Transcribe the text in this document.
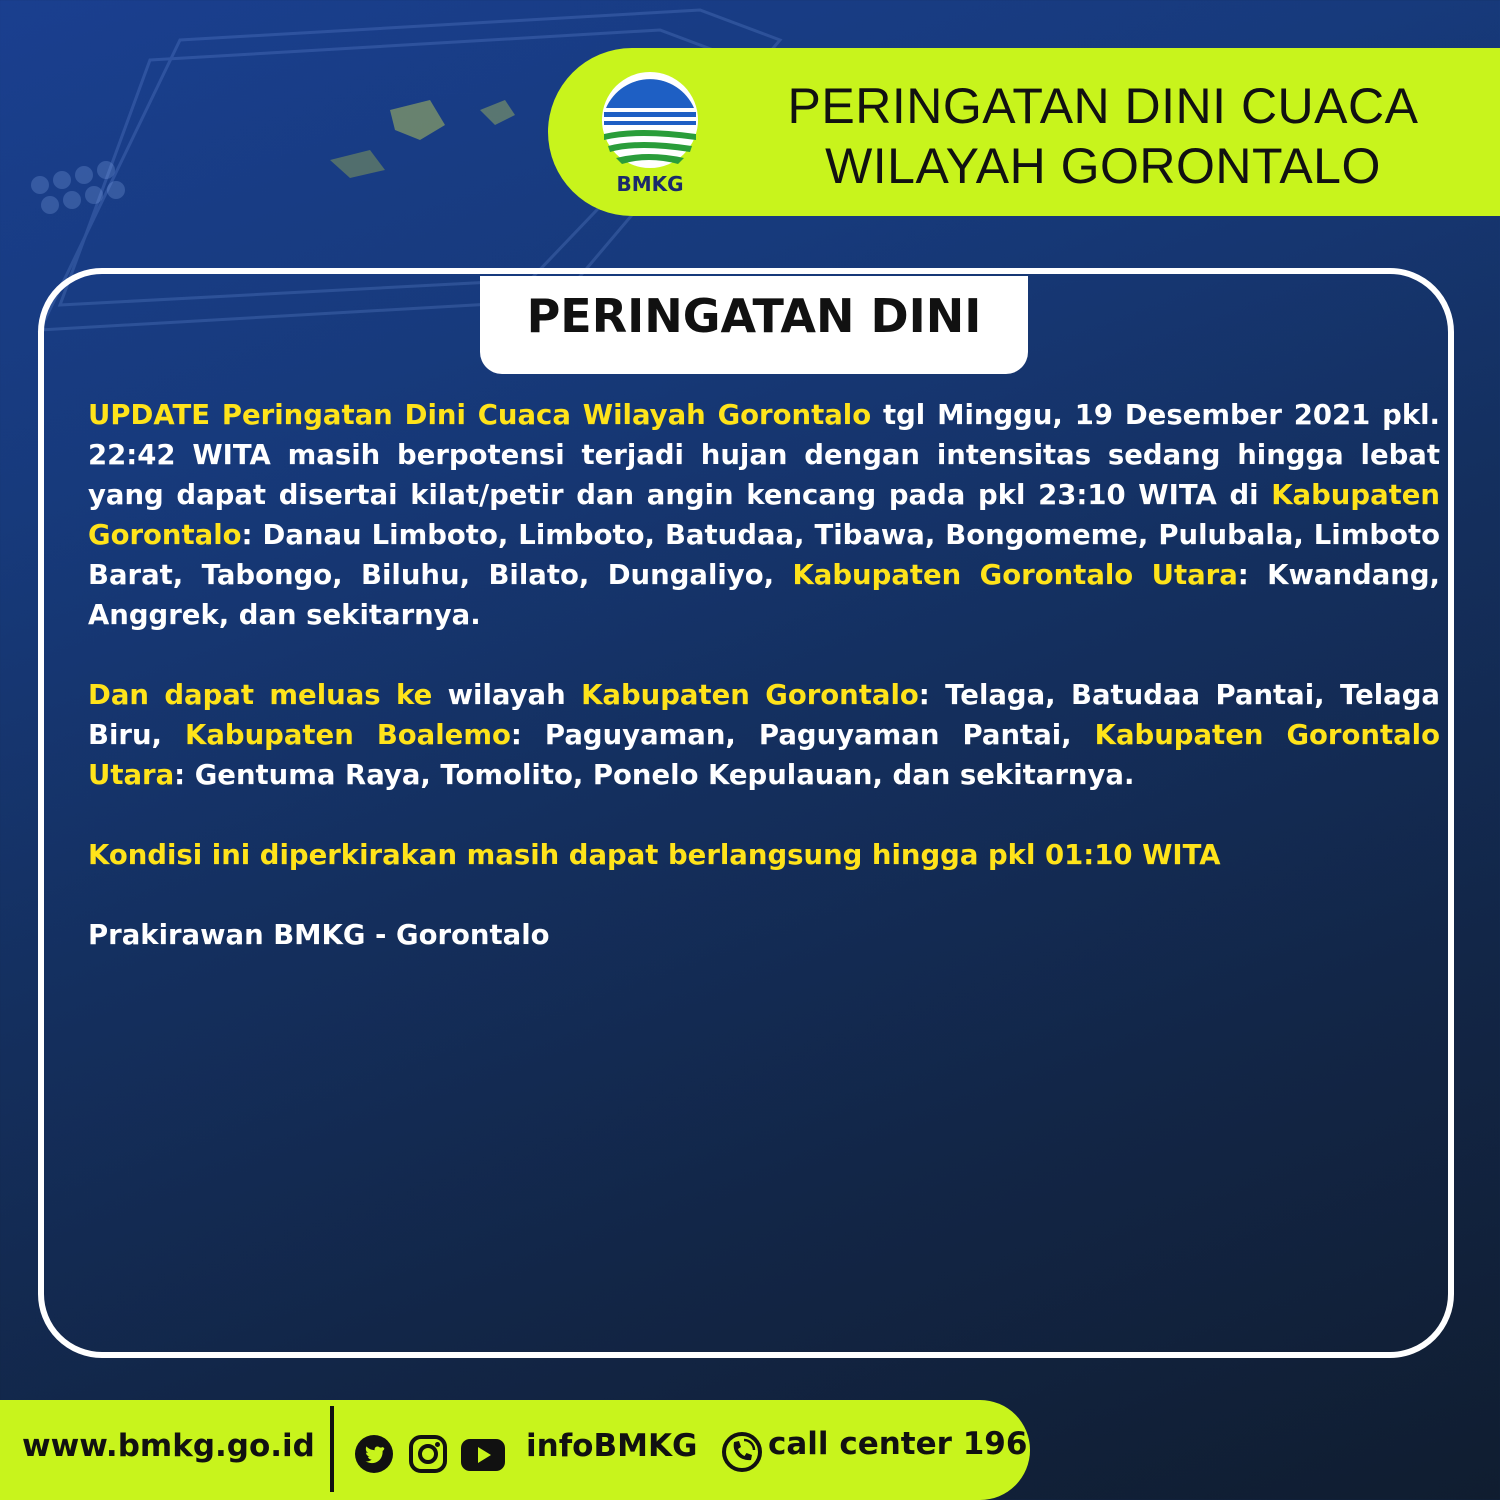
BMKG
PERINGATAN DINI CUACA
WILAYAH GORONTALO
PERINGATAN DINI

UPDATE Peringatan Dini Cuaca Wilayah Gorontalo tgl Minggu, 19 Desember 2021 pkl. 22:42 WITA masih berpotensi terjadi hujan dengan intensitas sedang hingga lebat yang dapat disertai kilat/petir dan angin kencang pada pkl 23:10 WITA di Kabupaten Gorontalo: Danau Limboto, Limboto, Batudaa, Tibawa, Bongomeme, Pulubala, Limboto Barat, Tabongo, Biluhu, Bilato, Dungaliyo, Kabupaten Gorontalo Utara: Kwandang, Anggrek, dan sekitarnya.

Dan dapat meluas ke wilayah Kabupaten Gorontalo: Telaga, Batudaa Pantai, Telaga Biru, Kabupaten Boalemo: Paguyaman, Paguyaman Pantai, Kabupaten Gorontalo Utara: Gentuma Raya, Tomolito, Ponelo Kepulauan, dan sekitarnya.

Kondisi ini diperkirakan masih dapat berlangsung hingga pkl 01:10 WITA

Prakirawan BMKG - Gorontalo

www.bmkg.go.id	infoBMKG call center 196
